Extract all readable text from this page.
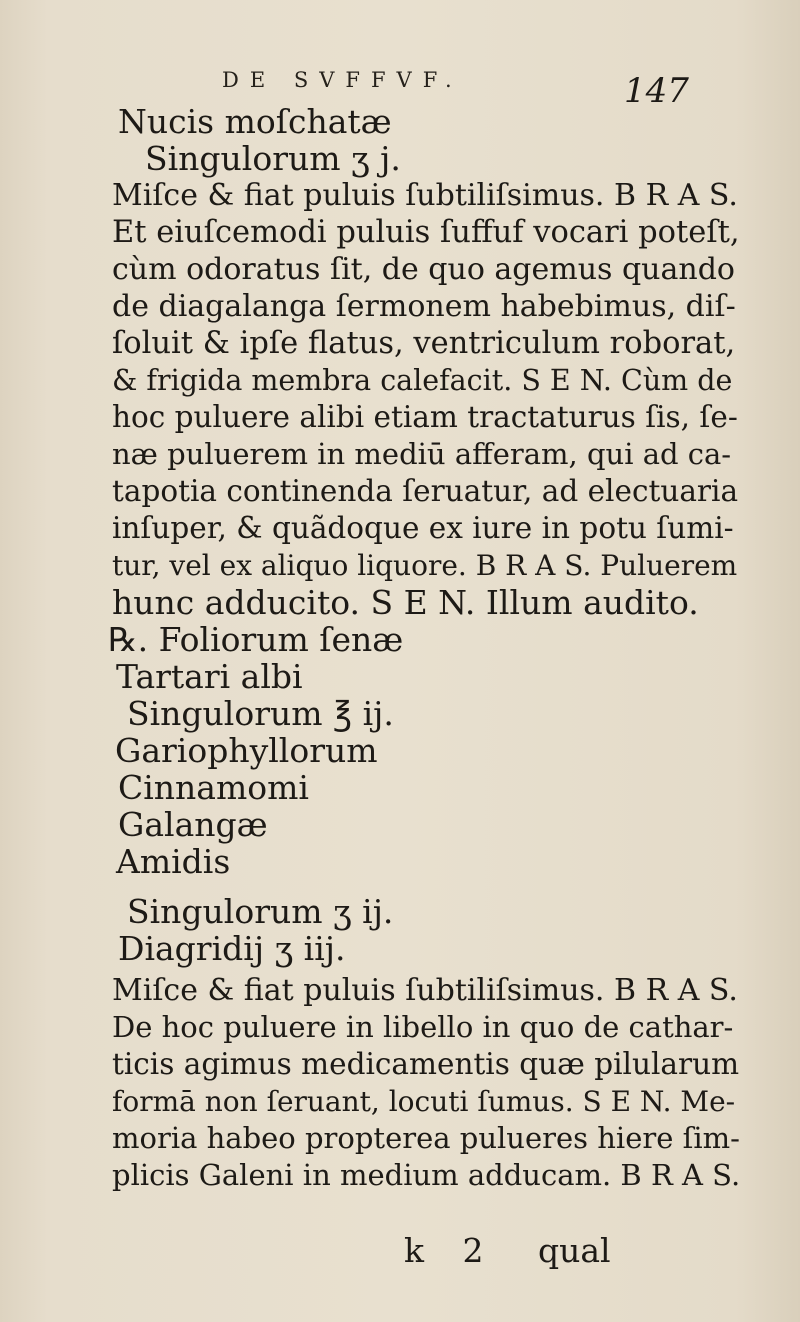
DE SVFFVF.	147
Nucis moſchatæ
Singulorum ʒ j.
Miſce & fiat puluis ſubtiliſsimus. B R A S.
Et eiuſcemodi puluis ſuffuf vocari poteſt,
cùm odoratus ſit, de quo agemus quando
de diagalanga ſermonem habebimus, diſ-
ſoluit & ipſe flatus, ventriculum roborat,
& frigida membra calefacit. S E N. Cùm de
hoc puluere alibi etiam tractaturus ſis, ſe-
næ puluerem in mediū afferam, qui ad ca-
tapotia continenda ſeruatur, ad electuaria
inſuper, & quãdoque ex iure in potu ſumi-
tur, vel ex aliquo liquore. B R A S. Puluerem
hunc adducito. S E N. Illum audito.
℞. Foliorum ſenæ
Tartari albi
Singulorum ℥ ij.
Gariophyllorum
Cinnamomi
Galangæ
Amidis
Singulorum ʒ ij.
Diagridij ʒ iij.
Miſce & fiat puluis ſubtiliſsimus. B R A S.
De hoc puluere in libello in quo de cathar-
ticis agimus medicamentis quæ pilularum
formā non ſeruant, locuti ſumus. S E N. Me-
moria habeo propterea pulueres hiere ſim-
plicis Galeni in medium adducam. B R A S.
k 2 qual
